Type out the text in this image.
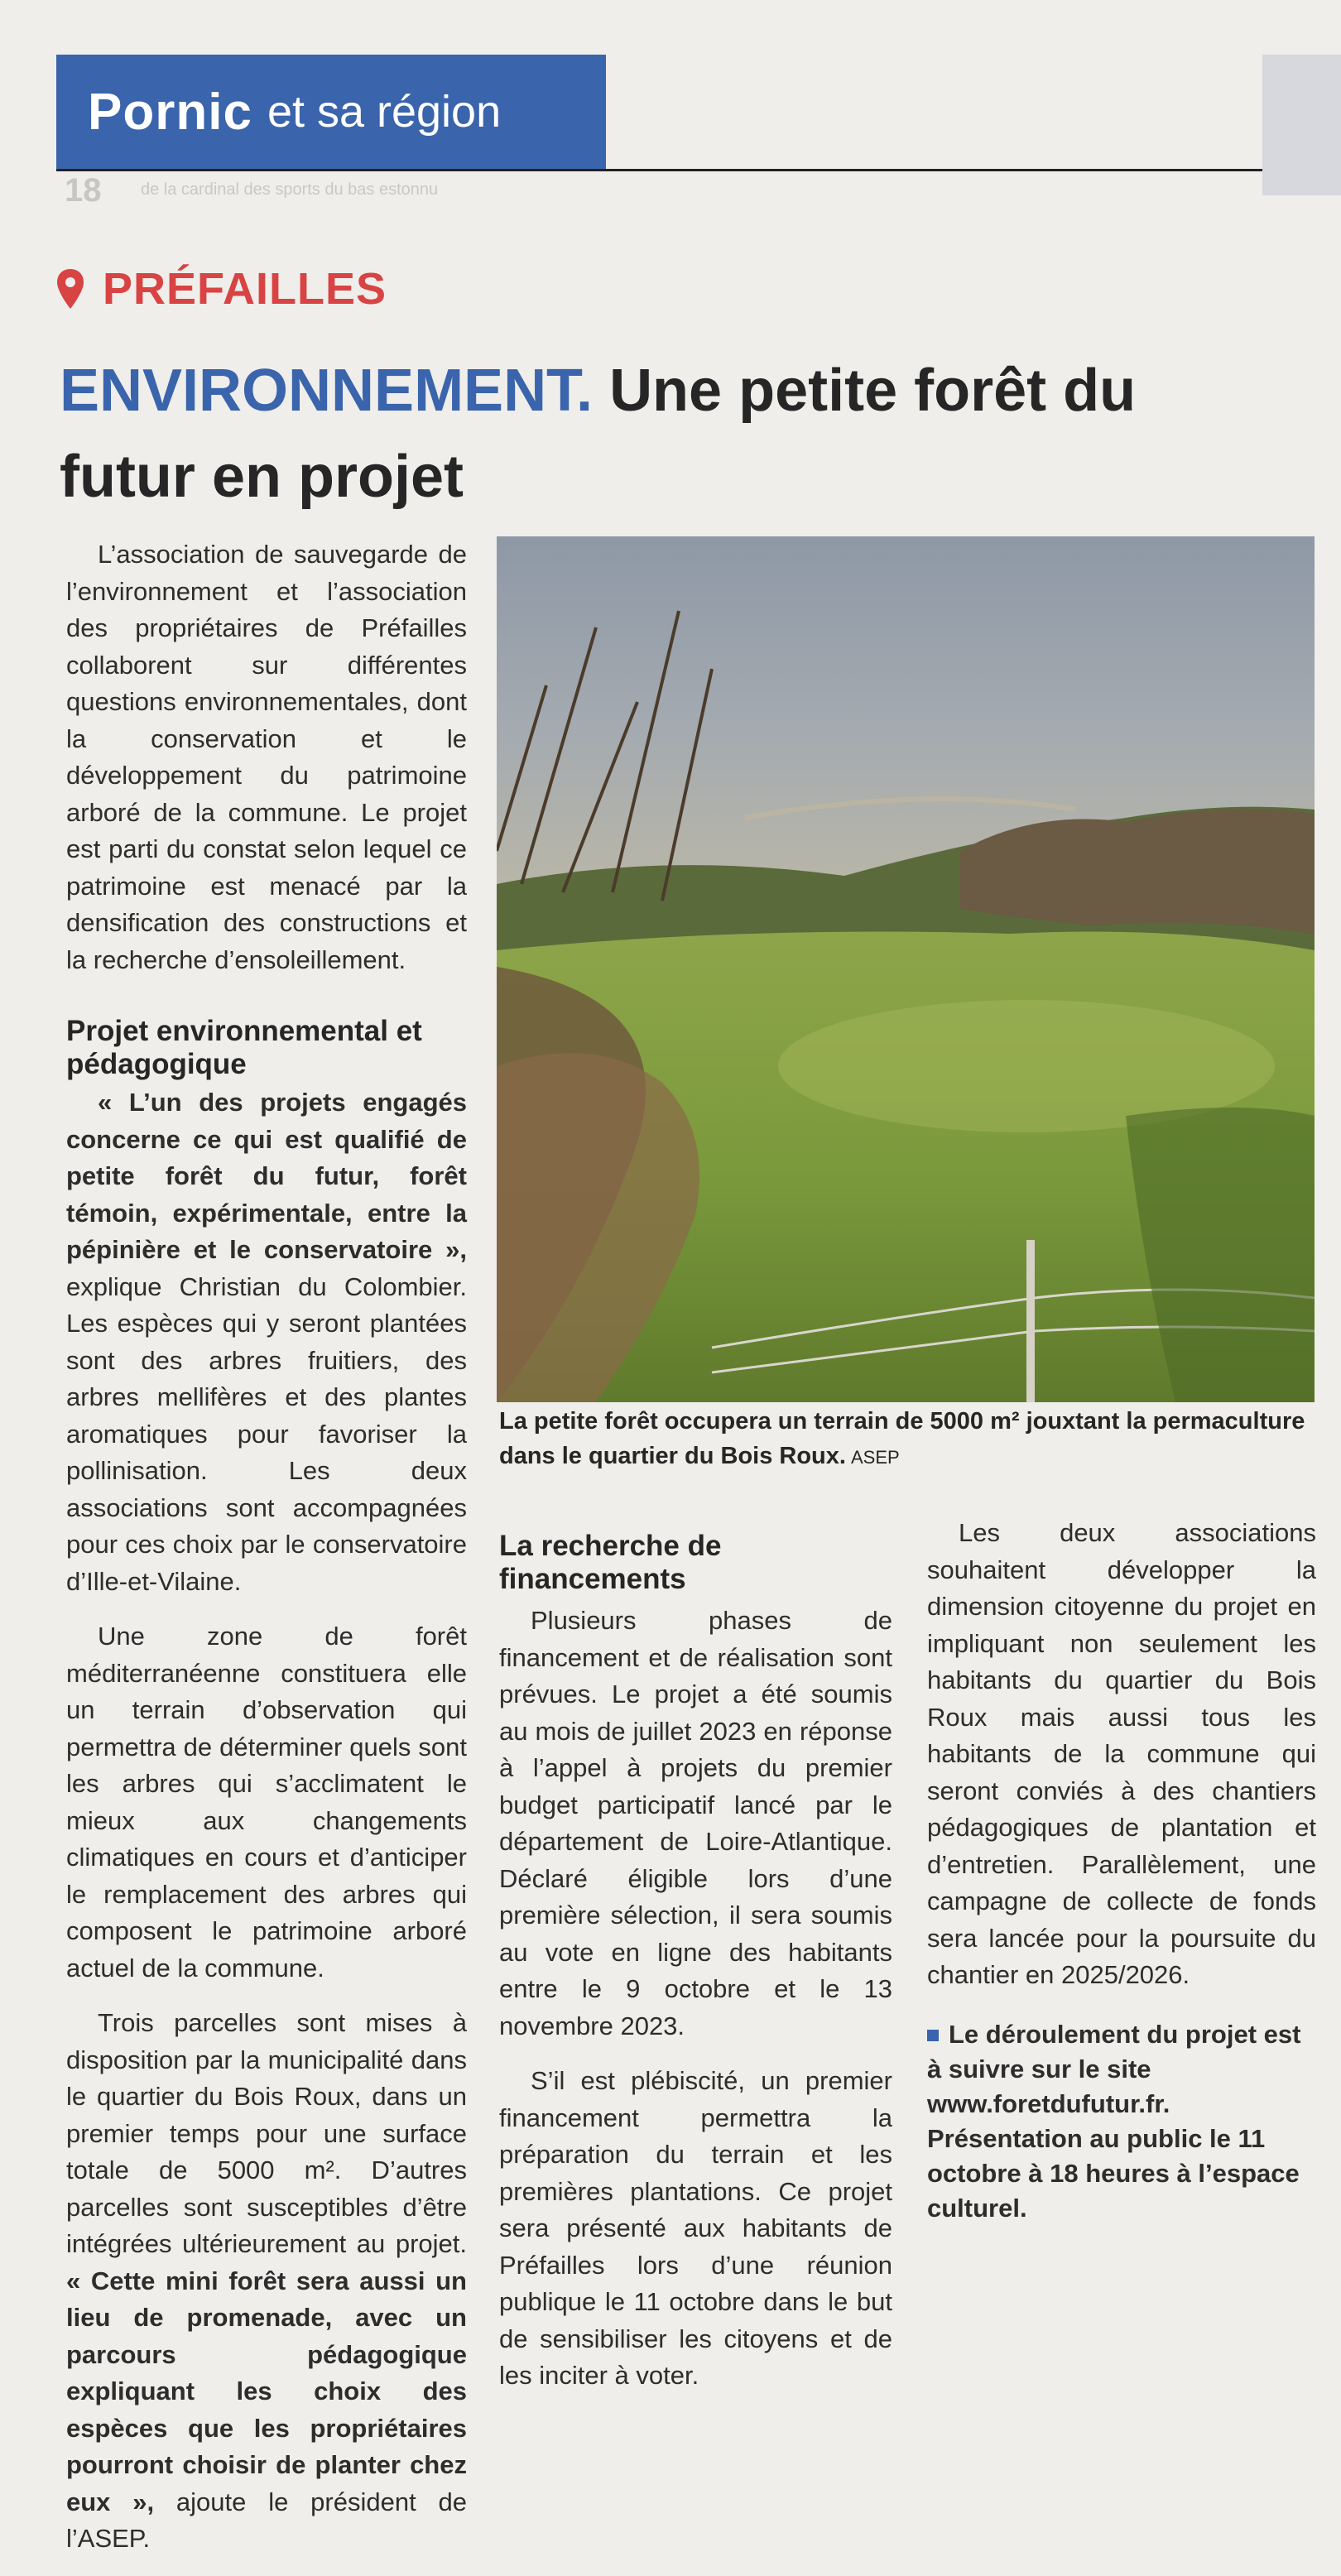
Pornic et sa région
18 de la cardinal des sports du bas estonnu
PRÉFAILLES
ENVIRONNEMENT. Une petite forêt du futur en projet

L’association de sauvegarde de l’environnement et l’association des propriétaires de Préfailles collaborent sur différentes questions environnementales, dont la conservation et le développement du patrimoine arboré de la commune. Le projet est parti du constat selon lequel ce patrimoine est menacé par la densification des constructions et la recherche d’ensoleillement.

Projet environnemental et pédagogique

« L’un des projets engagés concerne ce qui est qualifié de petite forêt du futur, forêt témoin, expérimentale, entre la pépinière et le conservatoire », explique Christian du Colombier. Les espèces qui y seront plantées sont des arbres fruitiers, des arbres mellifères et des plantes aromatiques pour favoriser la pollinisation. Les deux associations sont accompagnées pour ces choix par le conservatoire d’Ille-et-Vilaine.

Une zone de forêt méditerranéenne constituera elle un terrain d’observation qui permettra de déterminer quels sont les arbres qui s’acclimatent le mieux aux changements climatiques en cours et d’anticiper le remplacement des arbres qui composent le patrimoine arboré actuel de la commune.

Trois parcelles sont mises à disposition par la municipalité dans le quartier du Bois Roux, dans un premier temps pour une surface totale de 5000 m². D’autres parcelles sont susceptibles d’être intégrées ultérieurement au projet. « Cette mini forêt sera aussi un lieu de promenade, avec un parcours pédagogique expliquant les choix des espèces que les propriétaires pourront choisir de planter chez eux », ajoute le président de l’ASEP.

La petite forêt occupera un terrain de 5000 m² jouxtant la permaculture dans le quartier du Bois Roux. ASEP
La recherche de financements

Plusieurs phases de financement et de réalisation sont prévues. Le projet a été soumis au mois de juillet 2023 en réponse à l’appel à projets du premier budget participatif lancé par le département de Loire-Atlantique. Déclaré éligible lors d’une première sélection, il sera soumis au vote en ligne des habitants entre le 9 octobre et le 13 novembre 2023.

S’il est plébiscité, un premier financement permettra la préparation du terrain et les premières plantations. Ce projet sera présenté aux habitants de Préfailles lors d’une réunion publique le 11 octobre dans le but de sensibiliser les citoyens et de les inciter à voter.

Les deux associations souhaitent développer la dimension citoyenne du projet en impliquant non seulement les habitants du quartier du Bois Roux mais aussi tous les habitants de la commune qui seront conviés à des chantiers pédagogiques de plantation et d’entretien. Parallèlement, une campagne de collecte de fonds sera lancée pour la poursuite du chantier en 2025/2026.

Le déroulement du projet est à suivre sur le site www.foretdufutur.fr. Présentation au public le 11 octobre à 18 heures à l’espace culturel.
